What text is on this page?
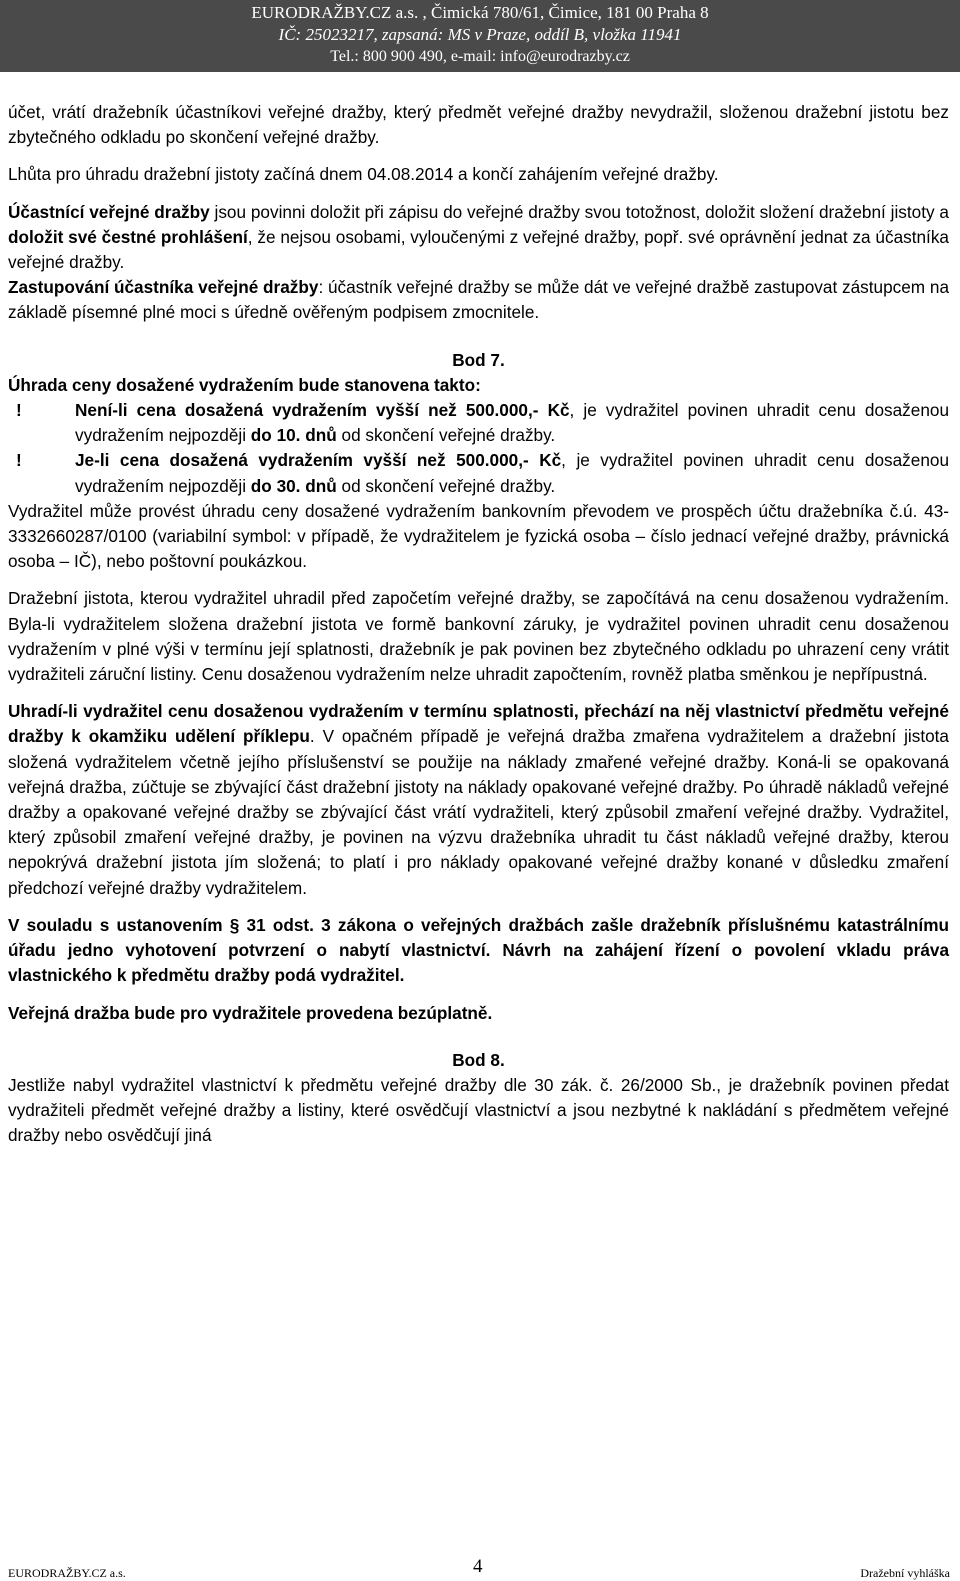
EURODRAŽBY.CZ a.s. , Čimická 780/61, Čimice, 181 00 Praha 8
IČ: 25023217, zapsaná: MS v Praze, oddíl B, vložka 11941
Tel.: 800 900 490, e-mail: info@eurodrazby.cz

účet, vrátí dražebník účastníkovi veřejné dražby, který předmět veřejné dražby nevydražil, složenou dražební jistotu bez zbytečného odkladu po skončení veřejné dražby.

Lhůta pro úhradu dražební jistoty začíná dnem 04.08.2014 a končí zahájením veřejné dražby.

Účastnící veřejné dražby jsou povinni doložit při zápisu do veřejné dražby svou totožnost, doložit složení dražební jistoty a doložit své čestné prohlášení, že nejsou osobami, vyloučenými z veřejné dražby, popř. své oprávnění jednat za účastníka veřejné dražby.

Zastupování účastníka veřejné dražby: účastník veřejné dražby se může dát ve veřejné dražbě zastupovat zástupcem na základě písemné plné moci s úředně ověřeným podpisem zmocnitele.

Bod 7.

Úhrada ceny dosažené vydražením bude stanovena takto:

!	Není-li cena dosažená vydražením vyšší než 500.000,- Kč, je vydražitel povinen uhradit cenu dosaženou vydražením nejpozději do 10. dnů od skončení veřejné dražby.
!	Je-li cena dosažená vydražením vyšší než 500.000,- Kč, je vydražitel povinen uhradit cenu dosaženou vydražením nejpozději do 30. dnů od skončení veřejné dražby.

Vydražitel může provést úhradu ceny dosažené vydražením bankovním převodem ve prospěch účtu dražebníka č.ú. 43-3332660287/0100 (variabilní symbol: v případě, že vydražitelem je fyzická osoba – číslo jednací veřejné dražby, právnická osoba – IČ), nebo poštovní poukázkou.

Dražební jistota, kterou vydražitel uhradil před započetím veřejné dražby, se započítává na cenu dosaženou vydražením. Byla-li vydražitelem složena dražební jistota ve formě bankovní záruky, je vydražitel povinen uhradit cenu dosaženou vydražením v plné výši v termínu její splatnosti, dražebník je pak povinen bez zbytečného odkladu po uhrazení ceny vrátit vydražiteli záruční listiny. Cenu dosaženou vydražením nelze uhradit započtením, rovněž platba směnkou je nepřípustná.

Uhradí-li vydražitel cenu dosaženou vydražením v termínu splatnosti, přechází na něj vlastnictví předmětu veřejné dražby k okamžiku udělení příklepu. V opačném případě je veřejná dražba zmařena vydražitelem a dražební jistota složená vydražitelem včetně jejího příslušenství se použije na náklady zmařené veřejné dražby. Koná-li se opakovaná veřejná dražba, zúčtuje se zbývající část dražební jistoty na náklady opakované veřejné dražby. Po úhradě nákladů veřejné dražby a opakované veřejné dražby se zbývající část vrátí vydražiteli, který způsobil zmaření veřejné dražby. Vydražitel, který způsobil zmaření veřejné dražby, je povinen na výzvu dražebníka uhradit tu část nákladů veřejné dražby, kterou nepokrývá dražební jistota jím složená; to platí i pro náklady opakované veřejné dražby konané v důsledku zmaření předchozí veřejné dražby vydražitelem.

V souladu s ustanovením § 31 odst. 3 zákona o veřejných dražbách zašle dražebník příslušnému katastrálnímu úřadu jedno vyhotovení potvrzení o nabytí vlastnictví. Návrh na zahájení řízení o povolení vkladu práva vlastnického k předmětu dražby podá vydražitel.

Veřejná dražba bude pro vydražitele provedena bezúplatně.

Bod 8.

Jestliže nabyl vydražitel vlastnictví k předmětu veřejné dražby dle 30 zák. č. 26/2000 Sb., je dražebník povinen předat vydražiteli předmět veřejné dražby a listiny, které osvědčují vlastnictví a jsou nezbytné k nakládání s předmětem veřejné dražby nebo osvědčují jiná

EURODRAŽBY.CZ a.s.	4	Dražební vyhláška
